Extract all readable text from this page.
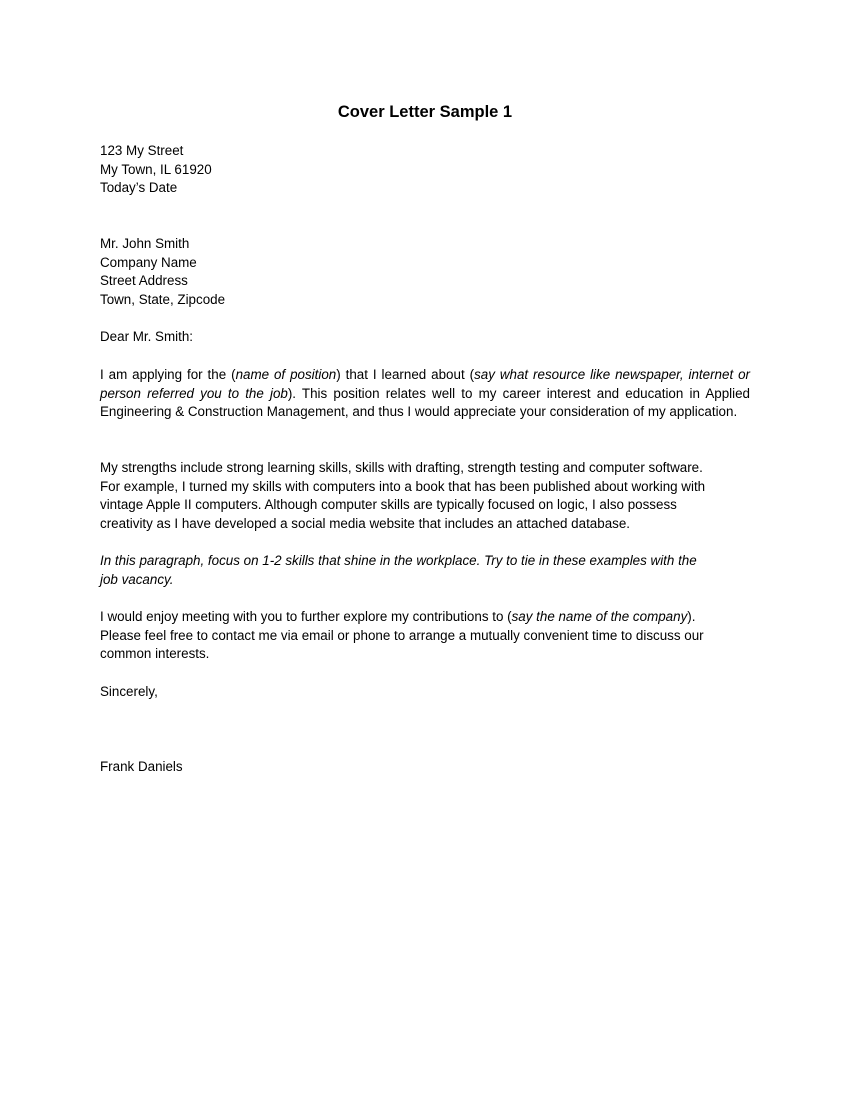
Cover Letter Sample 1
123 My Street
My Town, IL 61920
Today’s Date
Mr. John Smith
Company Name
Street Address
Town, State, Zipcode
Dear Mr. Smith:
I am applying for the (name of position) that I learned about (say what resource like newspaper, internet or person referred you to the job). This position relates well to my career interest and education in Applied Engineering & Construction Management, and thus I would appreciate your consideration of my application.
My strengths include strong learning skills, skills with drafting, strength testing and computer software.
For example, I turned my skills with computers into a book that has been published about working with
vintage Apple II computers. Although computer skills are typically focused on logic, I also possess
creativity as I have developed a social media website that includes an attached database.
In this paragraph, focus on 1-2 skills that shine in the workplace. Try to tie in these examples with the
job vacancy.
I would enjoy meeting with you to further explore my contributions to (say the name of the company).
Please feel free to contact me via email or phone to arrange a mutually convenient time to discuss our
common interests.
Sincerely,
Frank Daniels
